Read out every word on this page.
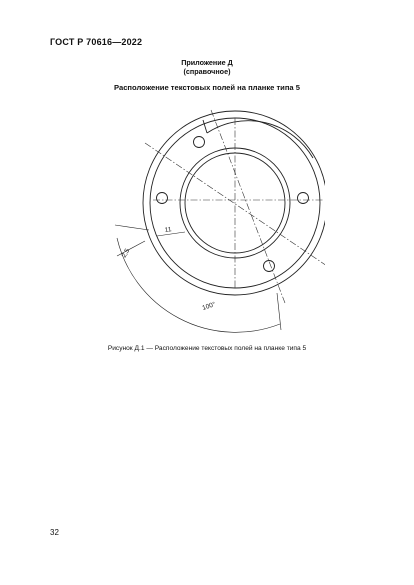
ГОСТ Р 70616—2022
Приложение Д
(справочное)
Расположение текстовых полей на планке типа 5
11
2,5
100°
Рисунок Д.1 — Расположение текстовых полей на планке типа 5
32
